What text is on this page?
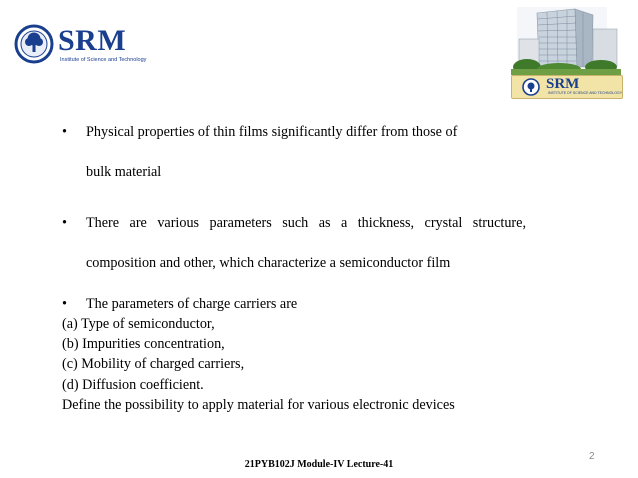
SRM
Institute of Science and Technology
SRM
INSTITUTE OF SCIENCE AND TECHNOLOGY
• Physical properties of thin films significantly differ from those of
bulk material
• There are various parameters such as a thickness, crystal structure,
composition and other, which characterize a semiconductor film
• The parameters of charge carriers are
(a) Type of semiconductor,
(b) Impurities concentration,
(c) Mobility of charged carriers,
(d) Diffusion coefficient.
Define the possibility to apply material for various electronic devices
2
21PYB102J Module-IV Lecture-41
